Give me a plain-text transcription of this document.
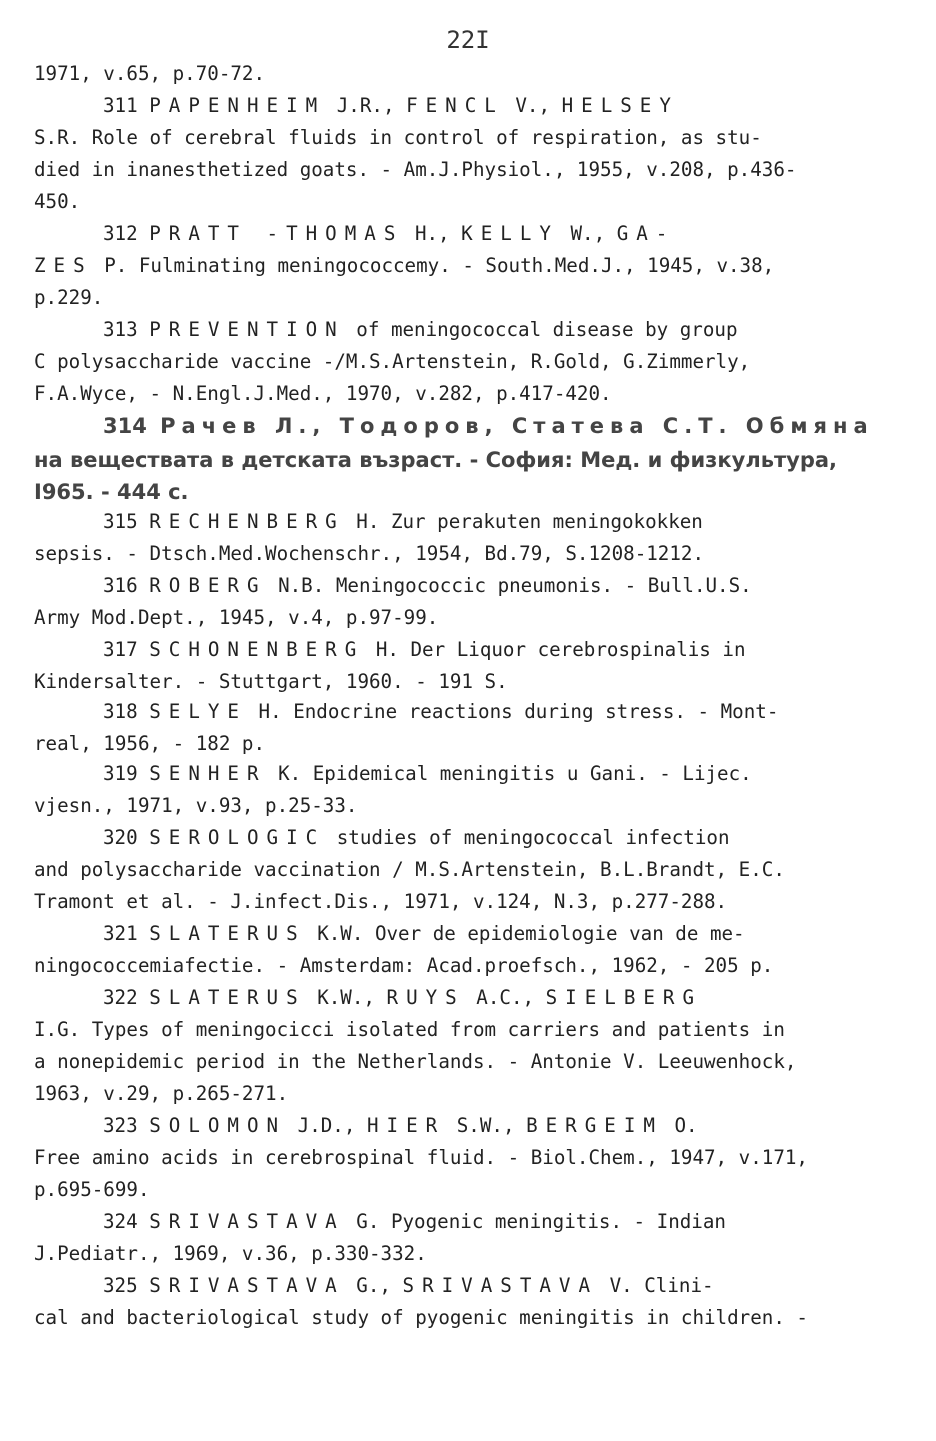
22I
1971, v.65, p.70-72.
311 PAPENHEIM J.R., FENCL V., HELSEY
S.R. Role of cerebral fluids in control of respiration, as stu-
died in inanesthetized goats. - Am.J.Physiol., 1955, v.208, p.436-
450.
312 PRATT -THOMAS H., KELLY W., GA-
ZES P. Fulminating meningococcemy. - South.Med.J., 1945, v.38,
p.229.
313 PREVENTION of meningococcal disease by group
C polysaccharide vaccine -/M.S.Artenstein, R.Gold, G.Zimmerly,
F.A.Wyce, - N.Engl.J.Med., 1970, v.282, p.417-420.
314 Рачев Л., Тодоров, Статева С.Т. Обмяна
на веществата в детската възраст. - София: Мед. и физкультура,
I965. - 444 с.
315 RECHENBERG H. Zur perakuten meningokokken
sepsis. - Dtsch.Med.Wochenschr., 1954, Bd.79, S.1208-1212.
316 ROBERG N.B. Meningococcic pneumonis. - Bull.U.S.
Army Mod.Dept., 1945, v.4, p.97-99.
317 SCHONENBERG H. Der Liquor cerebrospinalis in
Kindersalter. - Stuttgart, 1960. - 191 S.
318 SELYE H. Endocrine reactions during stress. - Mont-
real, 1956, - 182 p.
319 SENHER K. Epidemical meningitis u Gani. - Lijec.
vjesn., 1971, v.93, p.25-33.
320 SEROLOGIC studies of meningococcal infection
and polysaccharide vaccination / M.S.Artenstein, B.L.Brandt, E.C.
Tramont et al. - J.infect.Dis., 1971, v.124, N.3, p.277-288.
321 SLATERUS K.W. Over de epidemiologie van de me-
ningococcemiafectie. - Amsterdam: Acad.proefsch., 1962, - 205 p.
322 SLATERUS K.W., RUYS A.C., SIELBERG
I.G. Types of meningocicci isolated from carriers and patients in
a nonepidemic period in the Netherlands. - Antonie V. Leeuwenhock,
1963, v.29, p.265-271.
323 SOLOMON J.D., HIER S.W., BERGEIM O.
Free amino acids in cerebrospinal fluid. - Biol.Chem., 1947, v.171,
p.695-699.
324 SRIVASTAVA G. Pyogenic meningitis. - Indian
J.Pediatr., 1969, v.36, p.330-332.
325 SRIVASTAVA G., SRIVASTAVA V. Clini-
cal and bacteriological study of pyogenic meningitis in children. -
